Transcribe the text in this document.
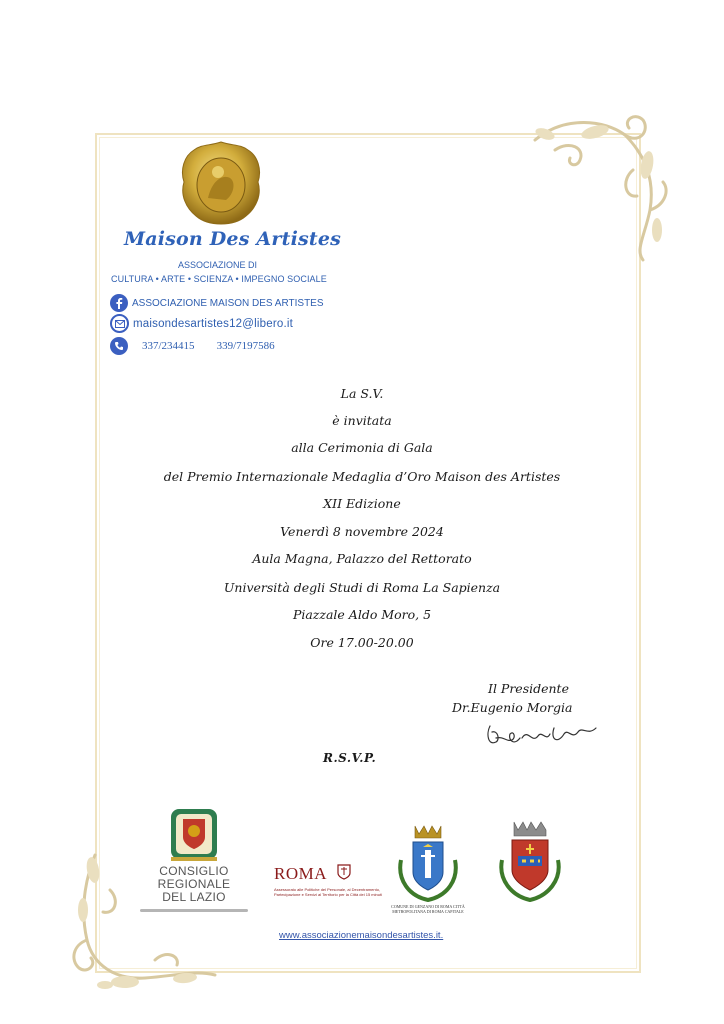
Maison Des Artistes
ASSOCIAZIONE DI
CULTURA • ARTE • SCIENZA • IMPEGNO SOCIALE
ASSOCIAZIONE MAISON DES ARTISTES
maisondesartistes12@libero.it
337/234415 339/7197586
La S.V.
è invitata
alla Cerimonia di Gala
del Premio Internazionale Medaglia d’Oro Maison des Artistes
XII Edizione
Venerdì 8 novembre 2024
Aula Magna, Palazzo del Rettorato
Università degli Studi di Roma La Sapienza
Piazzale Aldo Moro, 5
Ore 17.00-20.00
Il Presidente
Dr.Eugenio Morgia
R.S.V.P.
CONSIGLIO
REGIONALE
DEL LAZIO
ROMA
Assessorato alle Politiche del Personale, al Decentramento, Partecipazione e Servizi al Territorio per la Città dei 15 minuti
COMUNE DI GENZANO DI ROMA CITTÀ METROPOLITANA DI ROMA CAPITALE
www.associazionemaisondesartistes.it.
